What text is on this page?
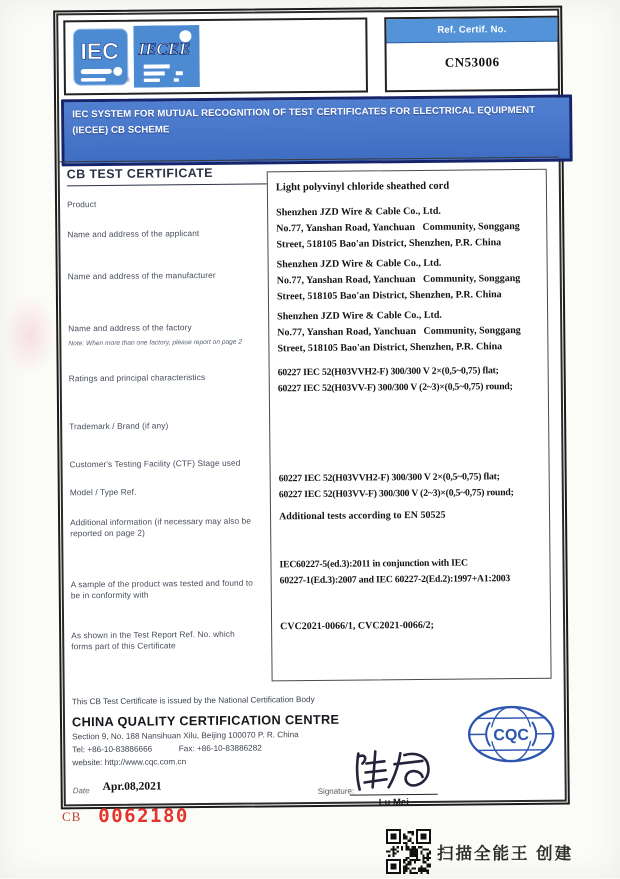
IEC
®
IECEE
Ref. Certif. No.
CN53006
IEC SYSTEM FOR MUTUAL RECOGNITION OF TEST CERTIFICATES FOR ELECTRICAL EQUIPMENT
(IECEE) CB SCHEME
CB TEST CERTIFICATE
Product
Name and address of the applicant
Name and address of the manufacturer
Name and address of the factory
Note: When more than one factory, please report on page 2
Ratings and principal characteristics
Trademark / Brand (if any)
Customer's Testing Facility (CTF) Stage used
Model / Type Ref.
Additional information (if necessary may also be reported on page 2)
A sample of the product was tested and found to be in conformity with
As shown in the Test Report Ref. No. which forms part of this Certificate
Light polyvinyl chloride sheathed cord
Shenzhen JZD Wire & Cable Co., Ltd.
No.77, Yanshan Road, Yanchuan   Community, Songgang
Street, 518105 Bao'an District, Shenzhen, P.R. China
Shenzhen JZD Wire & Cable Co., Ltd.
No.77, Yanshan Road, Yanchuan   Community, Songgang
Street, 518105 Bao'an District, Shenzhen, P.R. China
Shenzhen JZD Wire & Cable Co., Ltd.
No.77, Yanshan Road, Yanchuan   Community, Songgang
Street, 518105 Bao'an District, Shenzhen, P.R. China
60227 IEC 52(H03VVH2-F) 300/300 V 2×(0,5~0,75) flat;
60227 IEC 52(H03VV-F) 300/300 V (2~3)×(0,5~0,75) round;
60227 IEC 52(H03VVH2-F) 300/300 V 2×(0,5~0,75) flat;
60227 IEC 52(H03VV-F) 300/300 V (2~3)×(0,5~0,75) round;
Additional tests according to EN 50525
IEC60227-5(ed.3):2011 in conjunction with IEC
60227-1(Ed.3):2007 and IEC 60227-2(Ed.2):1997+A1:2003
CVC2021-0066/1, CVC2021-0066/2;
This CB Test Certificate is issued by the National Certification Body
CHINA QUALITY CERTIFICATION CENTRE
Section 9, No. 188 Nansihuan Xilu, Beijing 100070 P. R. China
Tel: +86-10-83886666	Fax: +86-10-83886282
website: http://www.cqc.com.cn
CQC
Date Apr.08,2021	Signature:
Lu Mei
CB 0062180
扫描全能王 创建
